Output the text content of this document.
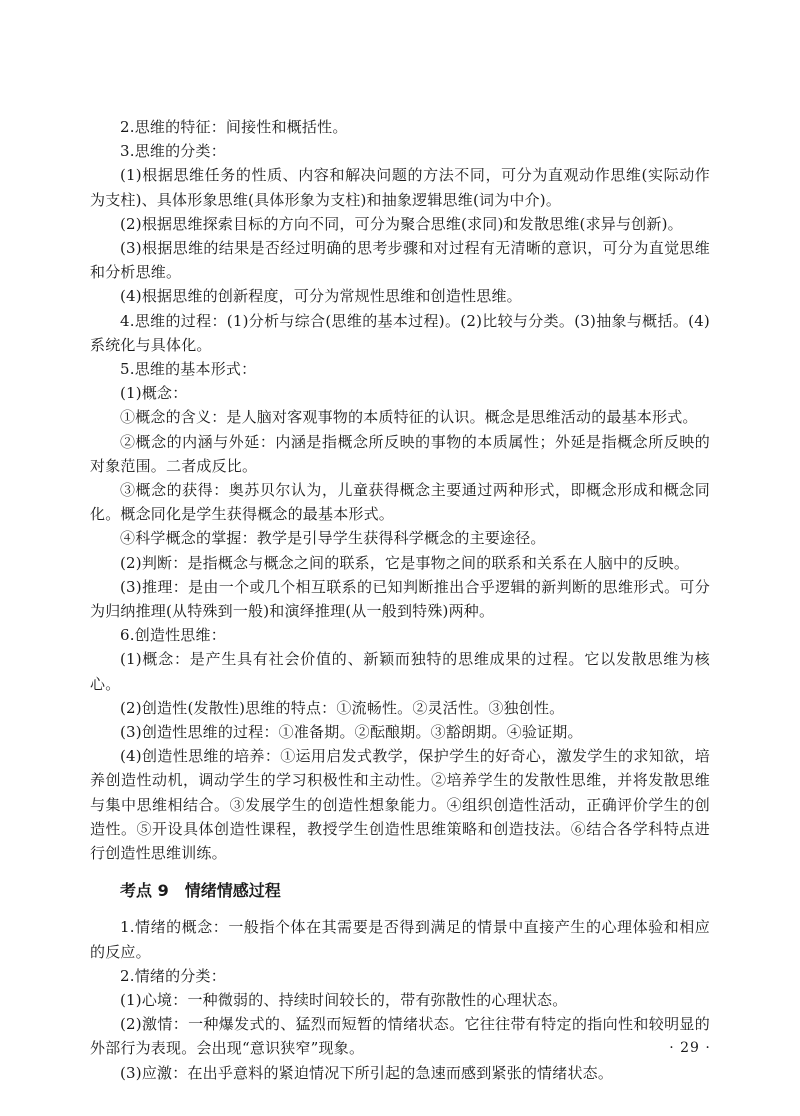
2.思维的特征：间接性和概括性。

3.思维的分类：

(1)根据思维任务的性质、内容和解决问题的方法不同，可分为直观动作思维(实际动作为支柱)、具体形象思维(具体形象为支柱)和抽象逻辑思维(词为中介)。

(2)根据思维探索目标的方向不同，可分为聚合思维(求同)和发散思维(求异与创新)。

(3)根据思维的结果是否经过明确的思考步骤和对过程有无清晰的意识，可分为直觉思维和分析思维。

(4)根据思维的创新程度，可分为常规性思维和创造性思维。

4.思维的过程：(1)分析与综合(思维的基本过程)。(2)比较与分类。(3)抽象与概括。(4)系统化与具体化。

5.思维的基本形式：

(1)概念：

①概念的含义：是人脑对客观事物的本质特征的认识。概念是思维活动的最基本形式。

②概念的内涵与外延：内涵是指概念所反映的事物的本质属性；外延是指概念所反映的对象范围。二者成反比。

③概念的获得：奥苏贝尔认为，儿童获得概念主要通过两种形式，即概念形成和概念同化。概念同化是学生获得概念的最基本形式。

④科学概念的掌握：教学是引导学生获得科学概念的主要途径。

(2)判断：是指概念与概念之间的联系，它是事物之间的联系和关系在人脑中的反映。

(3)推理：是由一个或几个相互联系的已知判断推出合乎逻辑的新判断的思维形式。可分为归纳推理(从特殊到一般)和演绎推理(从一般到特殊)两种。

6.创造性思维：

(1)概念：是产生具有社会价值的、新颖而独特的思维成果的过程。它以发散思维为核心。

(2)创造性(发散性)思维的特点：①流畅性。②灵活性。③独创性。

(3)创造性思维的过程：①准备期。②酝酿期。③豁朗期。④验证期。

(4)创造性思维的培养：①运用启发式教学，保护学生的好奇心，激发学生的求知欲，培养创造性动机，调动学生的学习积极性和主动性。②培养学生的发散性思维，并将发散思维与集中思维相结合。③发展学生的创造性想象能力。④组织创造性活动，正确评价学生的创造性。⑤开设具体创造性课程，教授学生创造性思维策略和创造技法。⑥结合各学科特点进行创造性思维训练。

考点 9 情绪情感过程

1.情绪的概念：一般指个体在其需要是否得到满足的情景中直接产生的心理体验和相应的反应。

2.情绪的分类：

(1)心境：一种微弱的、持续时间较长的，带有弥散性的心理状态。

(2)激情：一种爆发式的、猛烈而短暂的情绪状态。它往往带有特定的指向性和较明显的外部行为表现。会出现“意识狭窄”现象。

(3)应激：在出乎意料的紧迫情况下所引起的急速而感到紧张的情绪状态。

· 29 ·
